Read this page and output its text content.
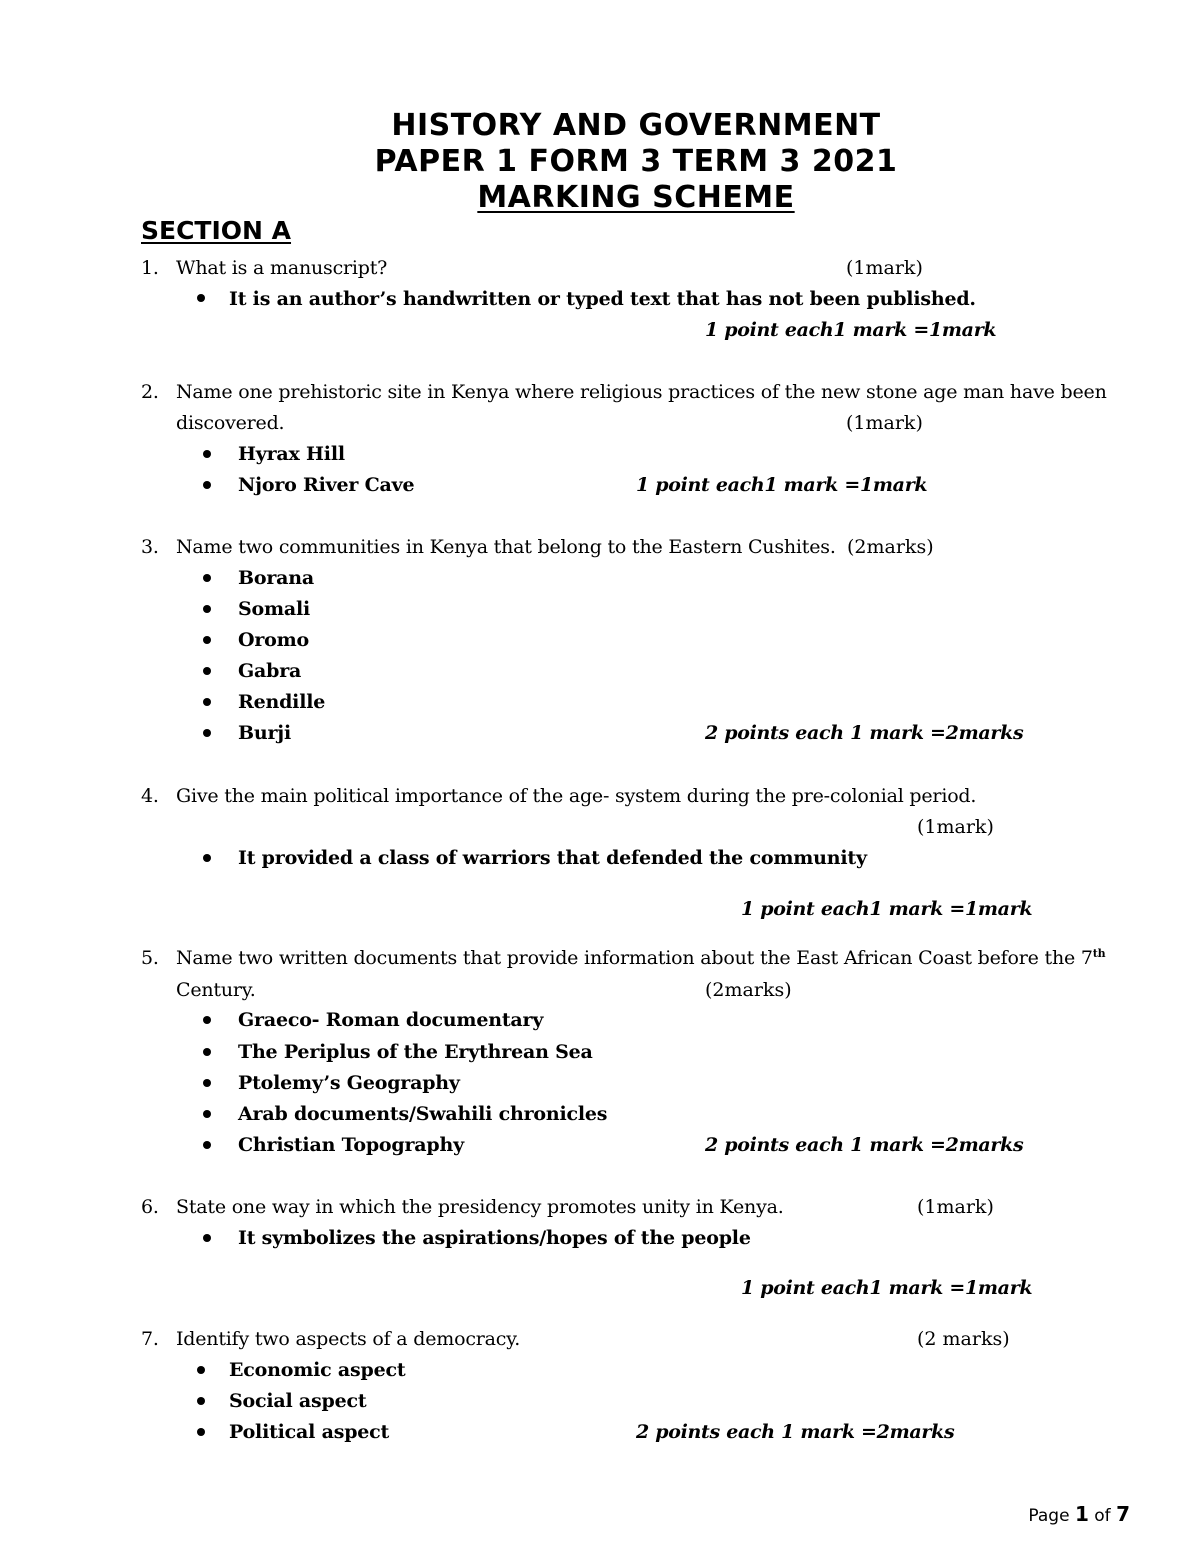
HISTORY AND GOVERNMENT
PAPER 1 FORM 3 TERM 3 2021
MARKING SCHEME
SECTION A
1. What is a manuscript?	(1mark)
It is an author’s handwritten or typed text that has not been published.
1 point each1 mark =1mark
2. Name one prehistoric site in Kenya where religious practices of the new stone age man have been
discovered.	(1mark)
Hyrax Hill
Njoro River Cave	1 point each1 mark =1mark
3. Name two communities in Kenya that belong to the Eastern Cushites. (2marks)
Borana
Somali
Oromo
Gabra
Rendille
Burji	2 points each 1 mark =2marks
4. Give the main political importance of the age- system during the pre-colonial period.
(1mark)
It provided a class of warriors that defended the community
1 point each1 mark =1mark
5. Name two written documents that provide information about the East African Coast before the 7th
Century.	(2marks)
Graeco- Roman documentary
The Periplus of the Erythrean Sea
Ptolemy’s Geography
Arab documents/Swahili chronicles
Christian Topography	2 points each 1 mark =2marks
6. State one way in which the presidency promotes unity in Kenya.	(1mark)
It symbolizes the aspirations/hopes of the people
1 point each1 mark =1mark
7. Identify two aspects of a democracy.	(2 marks)
Economic aspect
Social aspect
Political aspect	2 points each 1 mark =2marks
Page 1 of 7
